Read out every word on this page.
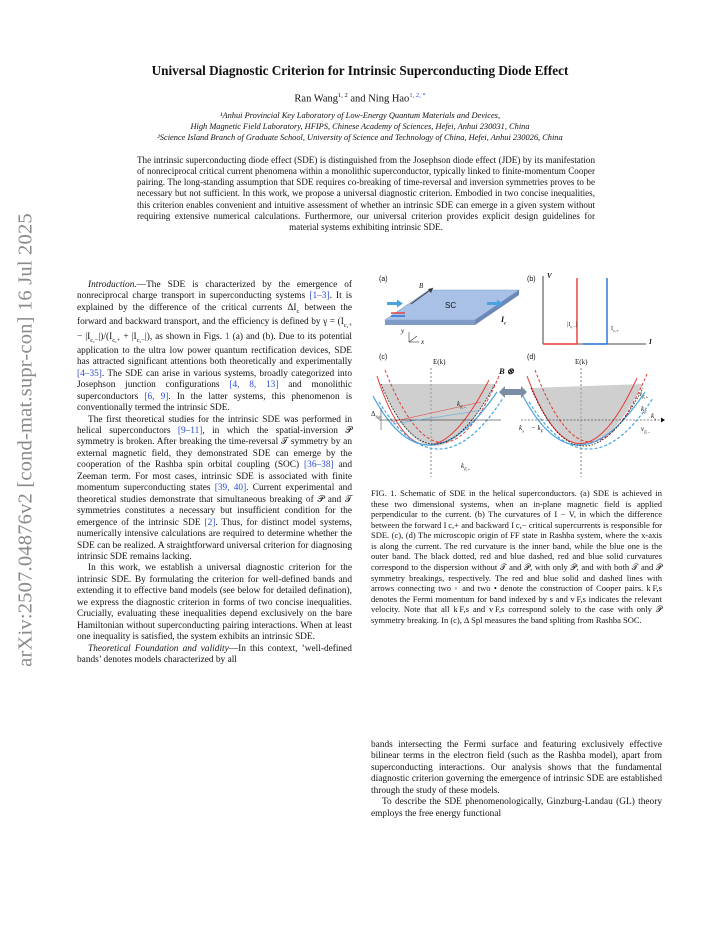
arXiv:2507.04876v2 [cond-mat.supr-con] 16 Jul 2025
Universal Diagnostic Criterion for Intrinsic Superconducting Diode Effect
Ran Wang$^{1, 2}$ and Ning Hao$^{1, 2, *}$
¹Anhui Provincial Key Laboratory of Low-Energy Quantum Materials and Devices,
High Magnetic Field Laboratory, HFIPS, Chinese Academy of Sciences, Hefei, Anhui 230031, China
²Science Island Branch of Graduate School, University of Science and Technology of China, Hefei, Anhui 230026, China
The intrinsic superconducting diode effect (SDE) is distinguished from the Josephson diode effect (JDE) by its manifestation of nonreciprocal critical current phenomena within a monolithic superconductor, typically linked to finite-momentum Cooper pairing. The long-standing assumption that SDE requires co-breaking of time-reversal and inversion symmetries proves to be necessary but not sufficient. In this work, we propose a universal diagnostic criterion. Embodied in two concise inequalities, this criterion enables convenient and intuitive assessment of whether an intrinsic SDE can emerge in a given system without requiring extensive numerical calculations. Furthermore, our universal criterion provides explicit design guidelines for material systems exhibiting intrinsic SDE.

Introduction.—The SDE is characterized by the emergence of nonreciprocal charge transport in superconducting systems [1–3]. It is explained by the difference of the critical currents $\Delta I_c$ between the forward and backward transport, and the efficiency is defined by $\gamma = (I_{c,+} - |I_{c,-}|)/(I_{c,+} + |I_{c,-}|)$, as shown in Figs. 1 (a) and (b). Due to its potential application to the ultra low power quantum rectification devices, SDE has attracted significant attentions both theoretically and experimentally [4–35]. The SDE can arise in various systems, broadly categorized into Josephson junction configurations [4, 8, 13] and monolithic superconductors [6, 9]. In the latter systems, this phenomenon is conventionally termed the intrinsic SDE.

The first theoretical studies for the intrinsic SDE was performed in helical superconductors [9–11], in which the spatial-inversion 𝒫 symmetry is broken. After breaking the time-reversal 𝒯 symmetry by an external magnetic field, they demonstrated SDE can emerge by the cooperation of the Rashba spin orbital coupling (SOC) [36–38] and Zeeman term. For most cases, intrinsic SDE is associated with finite momentum superconducting states [39, 40]. Current experimental and theoretical studies demonstrate that simultaneous breaking of 𝒫 and 𝒯 symmetries constitutes a necessary but insufficient condition for the emergence of the intrinsic SDE [2]. Thus, for distinct model systems, numerically intensive calculations are required to determine whether the SDE can be realized. A straightforward universal criterion for diagnosing intrinsic SDE remains lacking.

In this work, we establish a universal diagnostic criterion for the intrinsic SDE. By formulating the criterion for well-defined bands and extending it to effective band models (see below for detailed defination), we express the diagnostic criterion in forms of two concise inequalities. Crucially, evaluating these inequalities depend exclusively on the bare Hamiltonian without superconducting pairing interactions. When at least one inequality is satisfied, the system exhibits an intrinsic SDE.

Theoretical Foundation and validity—In this context, ’well-defined bands’ denotes models characterized by all

(a)
B
SC
$I_c$
y
x
(b) V
I
$|I_{c,-}|$
$I_{c,+}$
(c)
E(k)
$\Delta_{Spl}$
$k_{F,-}$
$k_{F,+}$
B ⊗
(d)
E(k)
$v_{F,+}$
$k_F$
$v_{F,-}$
$k_x$
$k_x - k_F$
FIG. 1. Schematic of SDE in the helical superconductors. (a) SDE is achieved in these two dimensional systems, when an in-plane magnetic field is applied perpendicular to the current. (b) The curvatures of I − V, in which the difference between the forward I c,+ and backward I c,− critical supercurrents is responsible for SDE. (c), (d) The microscopic origin of FF state in Rashba system, where the x-axis is along the current. The red curvature is the inner band, while the blue one is the outer band. The black dotted, red and blue dashed, red and blue solid curvatures correspond to the dispersion without 𝒯 and 𝒫, with only 𝒫, and with both 𝒯 and 𝒫 symmetry breakings, respectively. The red and blue solid and dashed lines with arrows connecting two ◦ and two • denote the construction of Cooper pairs. k F,s denotes the Fermi momentum for band indexed by s and v F,s indicates the relevant velocity. Note that all k F,s and v F,s correspond solely to the case with only 𝒫 symmetry breaking. In (c), Δ Spl measures the band spliting from Rashba SOC.

bands intersecting the Fermi surface and featuring exclusively effective bilinear terms in the electron field (such as the Rashba model), apart from superconducting interactions. Our analysis shows that the fundamental diagnostic criterion governing the emergence of intrinsic SDE are established through the study of these models.

To describe the SDE phenomenologically, Ginzburg-Landau (GL) theory employs the free energy functional
